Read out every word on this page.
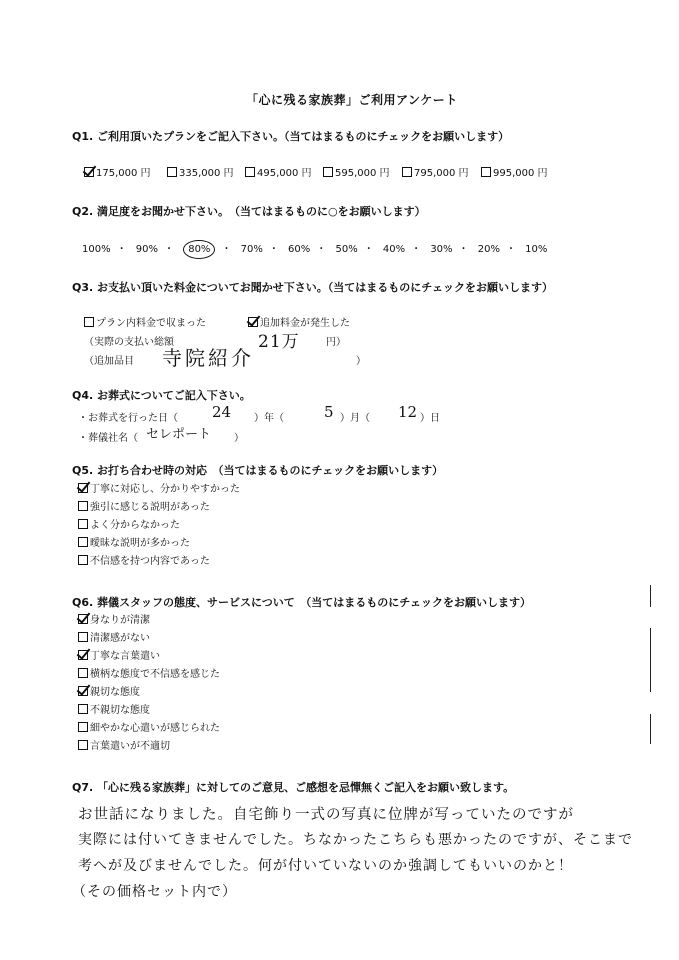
「心に残る家族葬」ご利用アンケート
Q1. ご利用頂いたプランをご記入下さい。（当てはまるものにチェックをお願いします）
175,000 円	335,000 円	495,000 円	595,000 円	795,000 円	995,000 円
Q2. 満足度をお聞かせ下さい。　（当てはまるものに○をお願いします）
100% ・ 90% ・ 80% ・ 70% ・ 60% ・ 50% ・ 40% ・ 30% ・ 20% ・ 10%
Q3. お支払い頂いた料金についてお聞かせ下さい。（当てはまるものにチェックをお願いします）
プラン内料金で収まった	追加料金が発生した
（実際の支払い総額	21万	円）
（追加品目 寺院紹介	）
Q4. お葬式についてご記入下さい。
・お葬式を行った日（ 24 ）年（	5 ）月（ 12 ）日
・葬儀社名（ セレポート ）
Q5. お打ち合わせ時の対応　（当てはまるものにチェックをお願いします）
丁寧に対応し、分かりやすかった
強引に感じる説明があった
よく分からなかった
曖昧な説明が多かった
不信感を持つ内容であった
Q6. 葬儀スタッフの態度、サービスについて　（当てはまるものにチェックをお願いします）
身なりが清潔
清潔感がない
丁寧な言葉遣い
横柄な態度で不信感を感じた
親切な態度
不親切な態度
細やかな心遣いが感じられた
言葉遣いが不適切
Q7. 「心に残る家族葬」に対してのご意見、ご感想を忌憚無くご記入をお願い致します。
お世話になりました。自宅飾り一式の写真に位牌が写っていたのですが
実際には付いてきませんでした。ちなかったこちらも悪かったのですが、そこまで
考へが及びませんでした。何が付いていないのか強調してもいいのかと！
（その価格セット内で）
